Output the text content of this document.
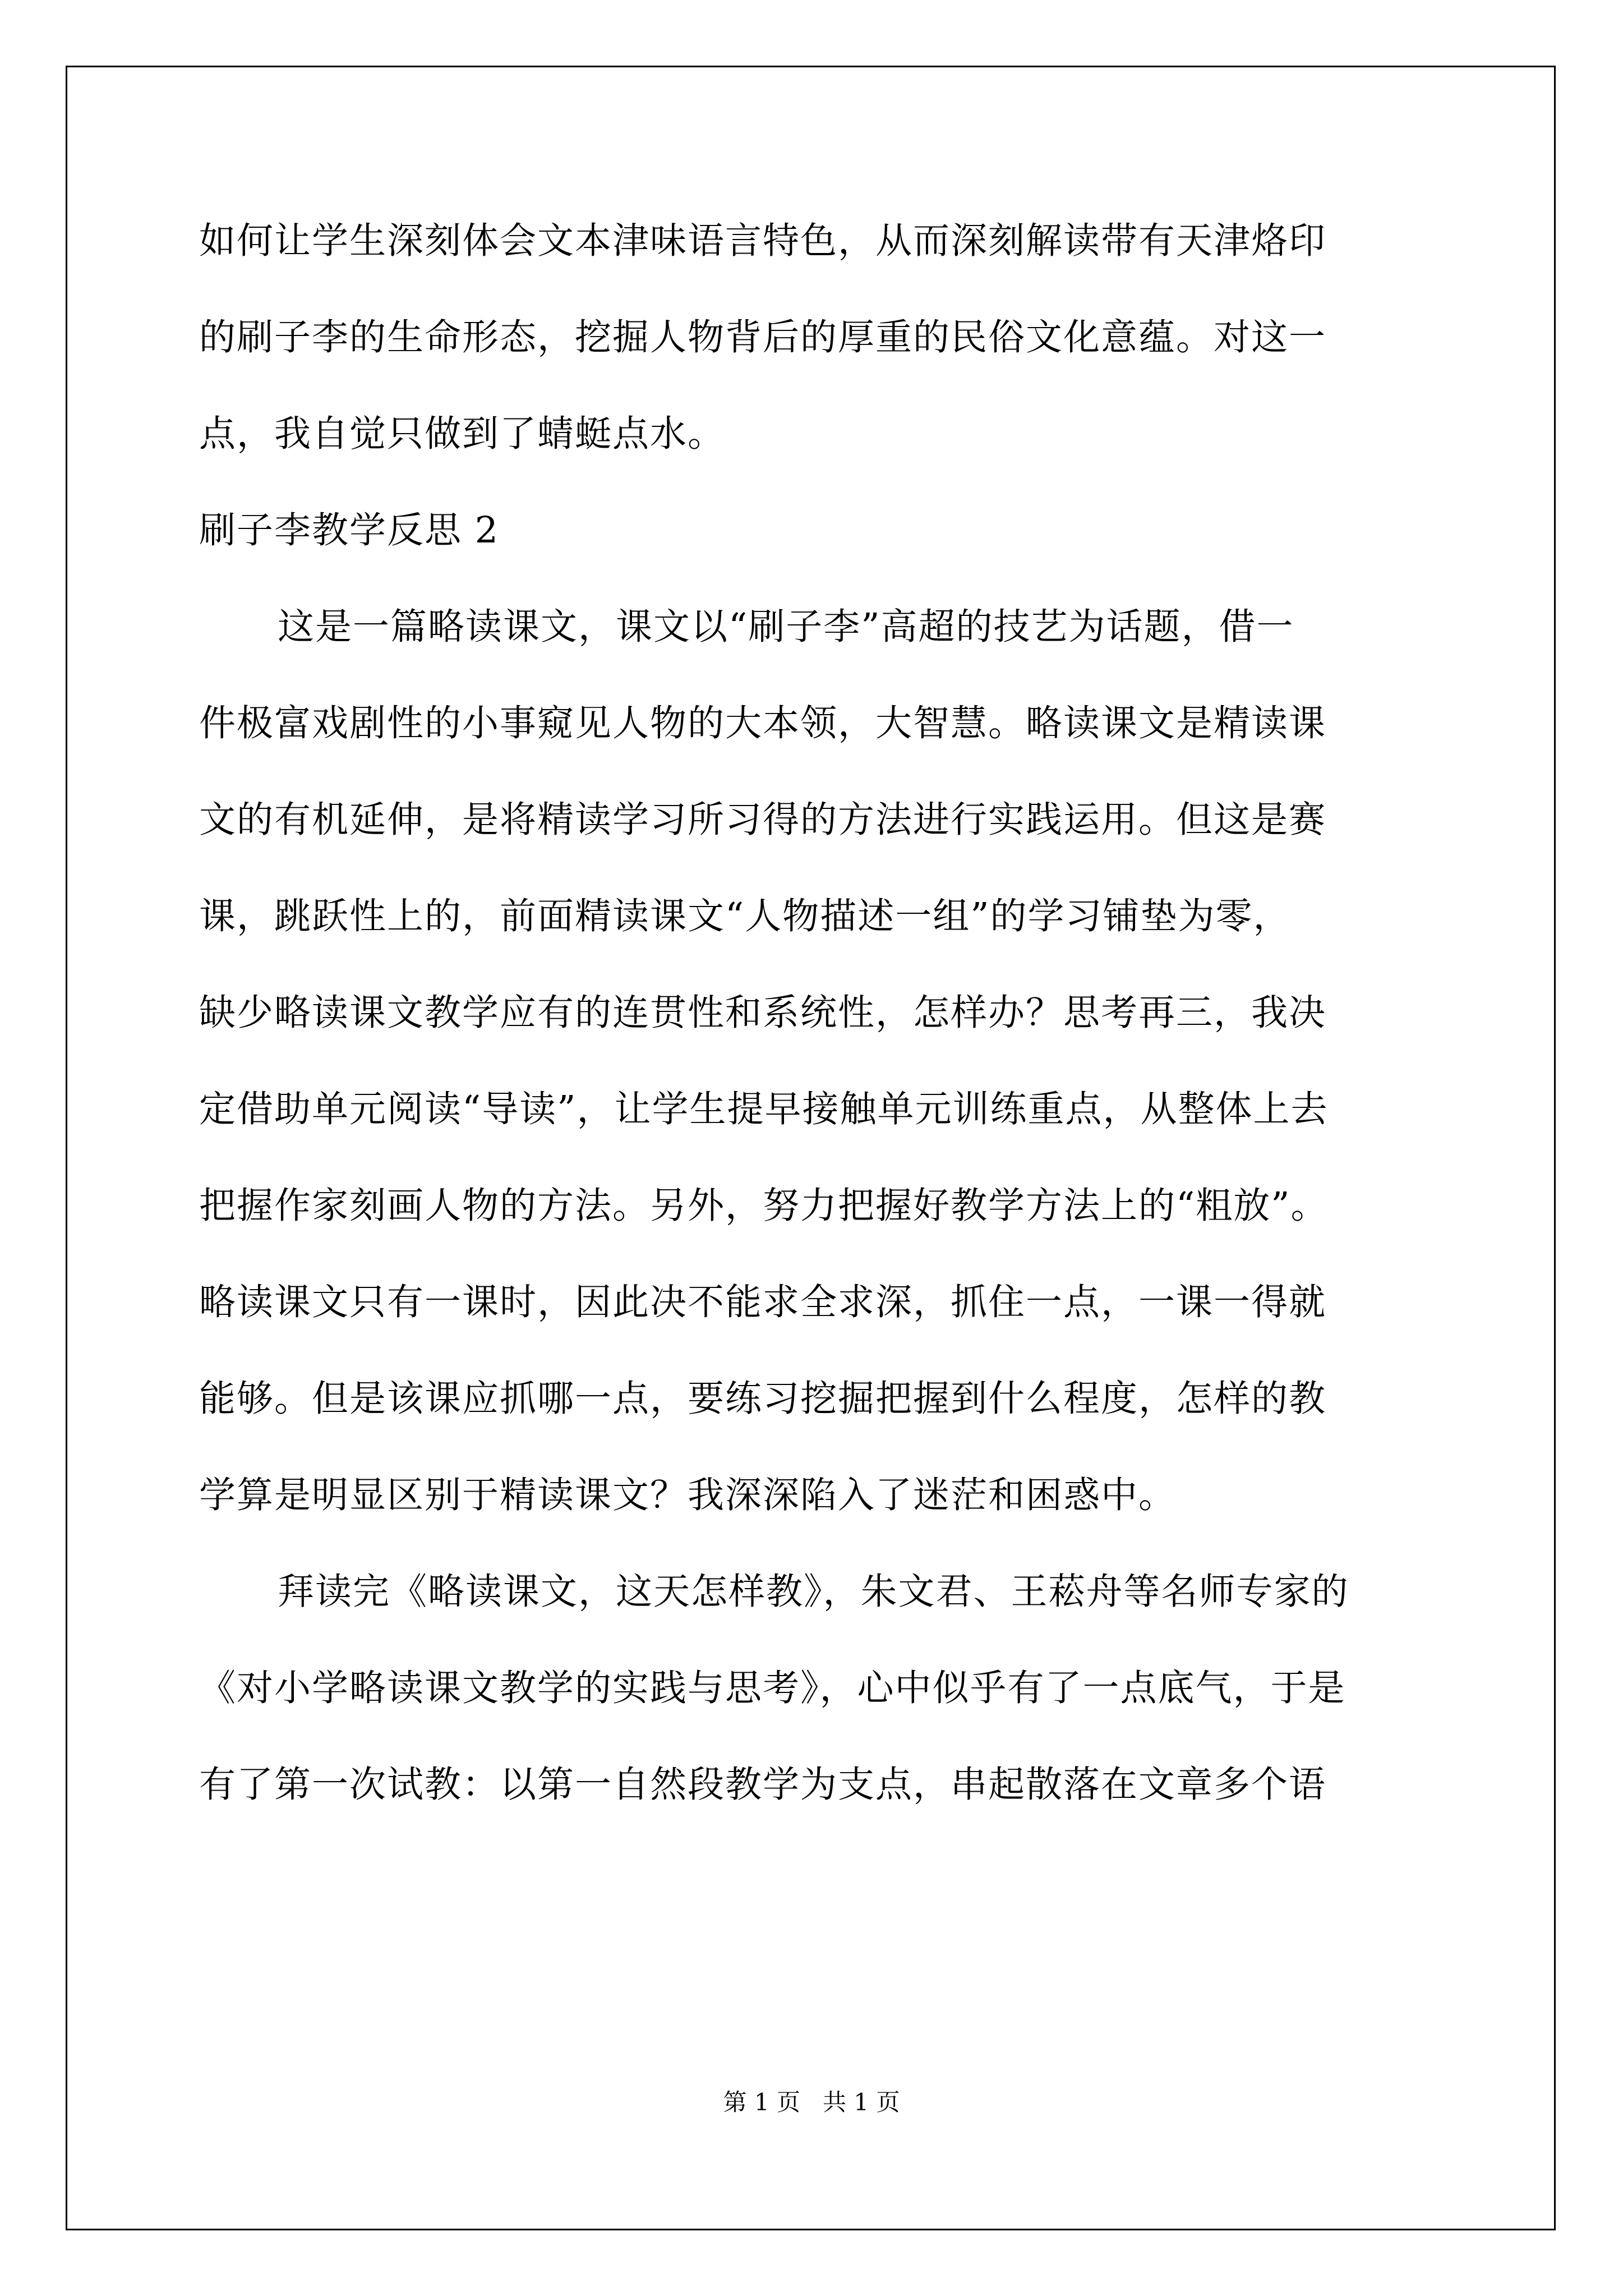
如何让学生深刻体会文本津味语言特色，从而深刻解读带有天津烙印
的刷子李的生命形态，挖掘人物背后的厚重的民俗文化意蕴。对这一
点，我自觉只做到了蜻蜓点水。
刷子李教学反思 2
这是一篇略读课文，课文以“刷子李”高超的技艺为话题，借一
件极富戏剧性的小事窥见人物的大本领，大智慧。略读课文是精读课
文的有机延伸，是将精读学习所习得的方法进行实践运用。但这是赛
课，跳跃性上的，前面精读课文“人物描述一组”的学习铺垫为零，
缺少略读课文教学应有的连贯性和系统性，怎样办？思考再三，我决
定借助单元阅读“导读”，让学生提早接触单元训练重点，从整体上去
把握作家刻画人物的方法。另外，努力把握好教学方法上的“粗放”。
略读课文只有一课时，因此决不能求全求深，抓住一点，一课一得就
能够。但是该课应抓哪一点，要练习挖掘把握到什么程度，怎样的教
学算是明显区别于精读课文？我深深陷入了迷茫和困惑中。
拜读完《略读课文，这天怎样教》，朱文君、王菘舟等名师专家的
《对小学略读课文教学的实践与思考》，心中似乎有了一点底气，于是
有了第一次试教：以第一自然段教学为支点，串起散落在文章多个语
第 1 页   共 1 页
